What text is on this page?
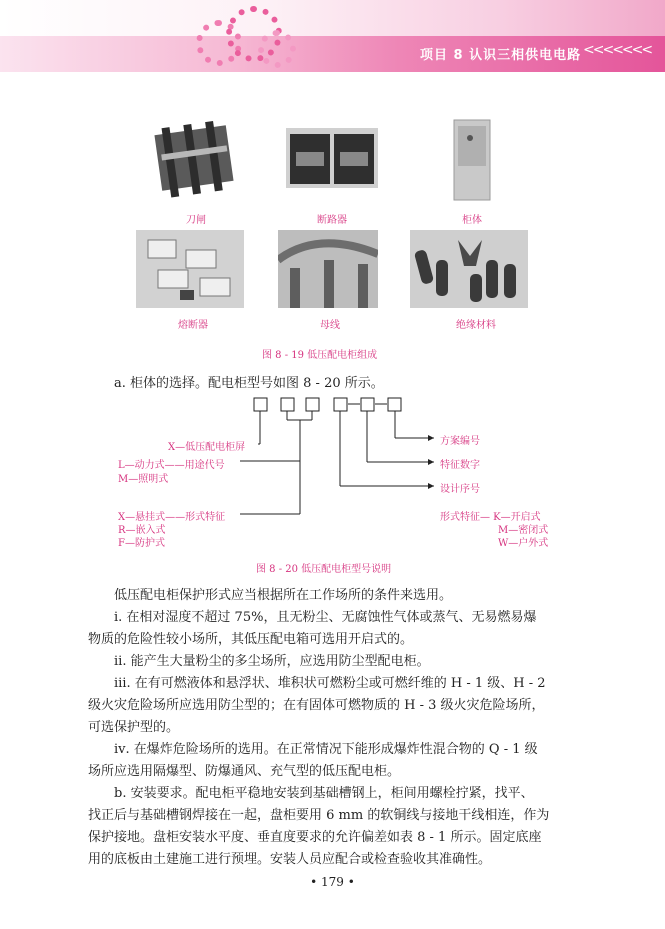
项目 8 认识三相供电电路 <<<<<<<
刀闸	断路器	柜体
熔断器	母线	绝缘材料
图 8 - 19 低压配电柜组成
a. 柜体的选择。配电柜型号如图 8 - 20 所示。
X—低压配电柜屏
L—动力式——用途代号
M—照明式
X—悬挂式——形式特征
R—嵌入式
F—防护式
方案编号
特征数字
设计序号
形式特征— K—开启式
M—密闭式
W—户外式
图 8 - 20 低压配电柜型号说明
低压配电柜保护形式应当根据所在工作场所的条件来选用。
ⅰ. 在相对湿度不超过 75%，且无粉尘、无腐蚀性气体或蒸气、无易燃易爆
物质的危险性较小场所，其低压配电箱可选用开启式的。
ⅱ. 能产生大量粉尘的多尘场所，应选用防尘型配电柜。
ⅲ. 在有可燃液体和悬浮状、堆积状可燃粉尘或可燃纤维的 H - 1 级、H - 2
级火灾危险场所应选用防尘型的；在有固体可燃物质的 H - 3 级火灾危险场所，
可选保护型的。
ⅳ. 在爆炸危险场所的选用。在正常情况下能形成爆炸性混合物的 Q - 1 级
场所应选用隔爆型、防爆通风、充气型的低压配电柜。
b. 安装要求。配电柜平稳地安装到基础槽钢上，柜间用螺栓拧紧，找平、
找正后与基础槽钢焊接在一起，盘柜要用 6 mm 的软铜线与接地干线相连，作为
保护接地。盘柜安装水平度、垂直度要求的允许偏差如表 8 - 1 所示。固定底座
用的底板由土建施工进行预埋。安装人员应配合或检查验收其准确性。
• 179 •
